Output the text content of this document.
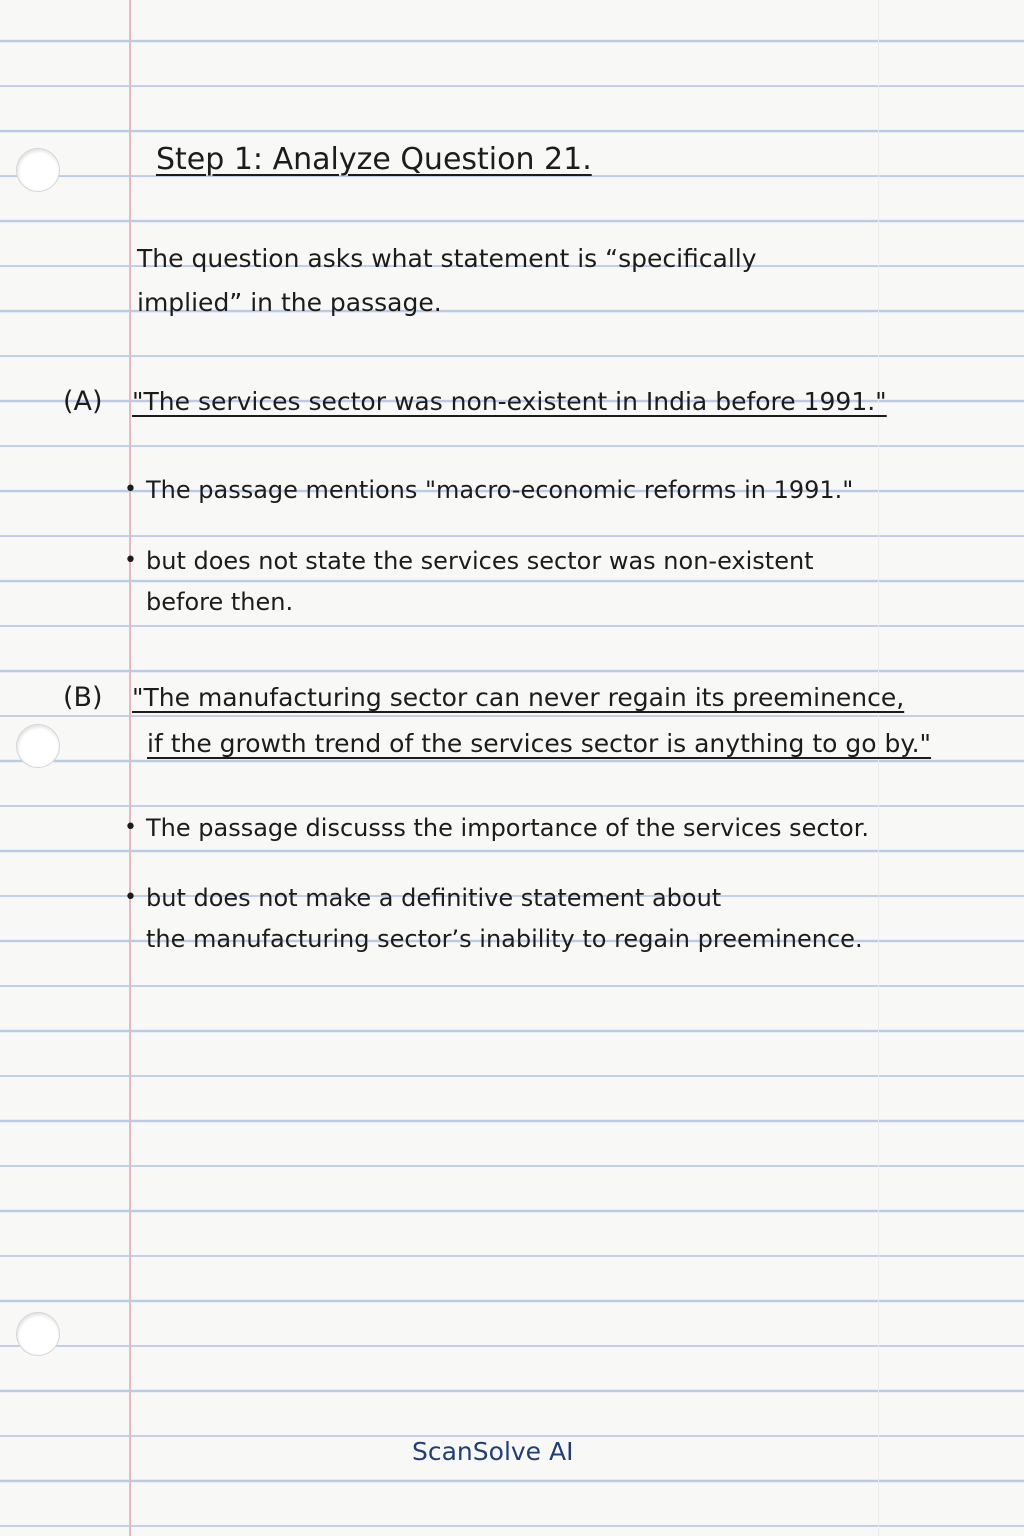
Step 1: Analyze Question 21.
The question asks what statement is “specifically
implied” in the passage.
(A) "The services sector was non-existent in India before 1991."
• The passage mentions "macro-economic reforms in 1991."
• but does not state the services sector was non-existent
before then.
(B) "The manufacturing sector can never regain its preeminence,
if the growth trend of the services sector is anything to go by."
• The passage discusss the importance of the services sector.
• but does not make a definitive statement about
the manufacturing sector’s inability to regain preeminence.
ScanSolve AI
